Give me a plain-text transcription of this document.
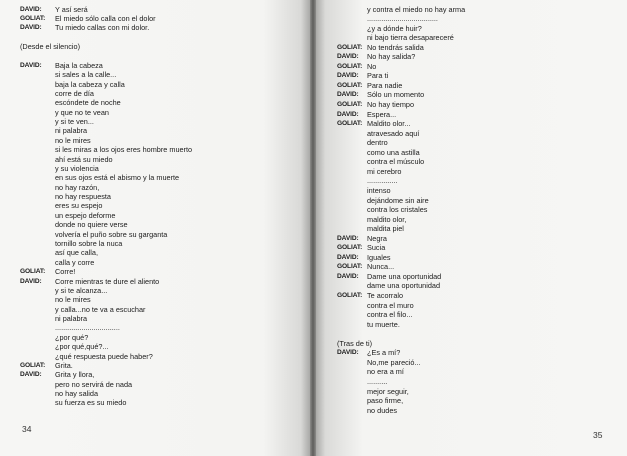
34
35
DAVID: Y así será
GOLIAT: El miedo sólo calla con el dolor
DAVID: Tu miedo callas con mi dolor.
(Desde el silencio)
DAVID: Baja la cabeza
si sales a la calle...
baja la cabeza y calla
corre de día
escóndete de noche
y que no te vean
y si te ven...
ni palabra
no le mires
si les miras a los ojos eres hombre muerto
ahí está su miedo
y su violencia
en sus ojos está el abismo y la muerte
no hay razón,
no hay respuesta
eres su espejo
un espejo deforme
donde no quiere verse
volvería el puño sobre su garganta
tornillo sobre la nuca
así que calla,
calla y corre
GOLIAT: Corre!
DAVID: Corre mientras te dure el aliento
y si te alcanza...
no le mires
y calla...no te va a escuchar
ni palabra
................................
¿por qué?
¿por qué,qué?...
¿qué respuesta puede haber?
GOLIAT: Grita.
DAVID: Grita y llora,
pero no servirá de nada
no hay salida
su fuerza es su miedo
y contra el miedo no hay arma
...................................
¿y a dónde huir?
ni bajo tierra desapareceré
GOLIAT: No tendrás salida
DAVID: No hay salida?
GOLIAT: No
DAVID: Para ti
GOLIAT: Para nadie
DAVID: Sólo un momento
GOLIAT: No hay tiempo
DAVID: Espera...
GOLIAT: Maldito olor...
atravesado aquí
dentro
como una astilla
contra el músculo
mi cerebro
...............
intenso
dejándome sin aire
contra los cristales
maldito olor,
maldita piel
DAVID: Negra
GOLIAT: Sucia
DAVID: Iguales
GOLIAT: Nunca...
DAVID: Dame una oportunidad
dame una oportunidad
GOLIAT: Te acorralo
contra el muro
contra el filo...
tu muerte.
(Tras de ti)
DAVID: ¿Es a mí?
No,me pareció...
no era a mí
..........
mejor seguir,
paso firme,
no dudes
